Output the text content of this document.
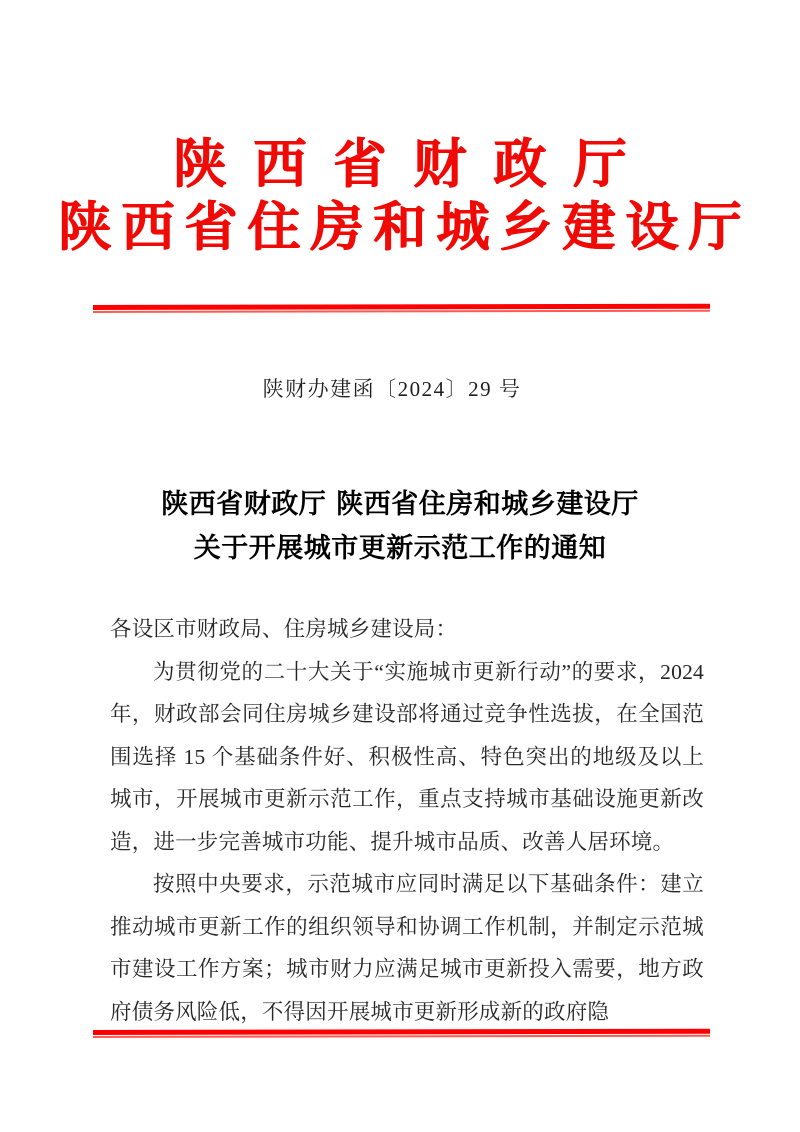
陕西省财政厅
陕西省住房和城乡建设厅
陕财办建函〔2024〕29 号
陕西省财政厅 陕西省住房和城乡建设厅
关于开展城市更新示范工作的通知

各设区市财政局、住房城乡建设局：

为贯彻党的二十大关于“实施城市更新行动”的要求，2024年，财政部会同住房城乡建设部将通过竞争性选拔，在全国范围选择 15 个基础条件好、积极性高、特色突出的地级及以上城市，开展城市更新示范工作，重点支持城市基础设施更新改造，进一步完善城市功能、提升城市品质、改善人居环境。

按照中央要求，示范城市应同时满足以下基础条件：建立推动城市更新工作的组织领导和协调工作机制，并制定示范城市建设工作方案；城市财力应满足城市更新投入需要，地方政府债务风险低，不得因开展城市更新形成新的政府隐
